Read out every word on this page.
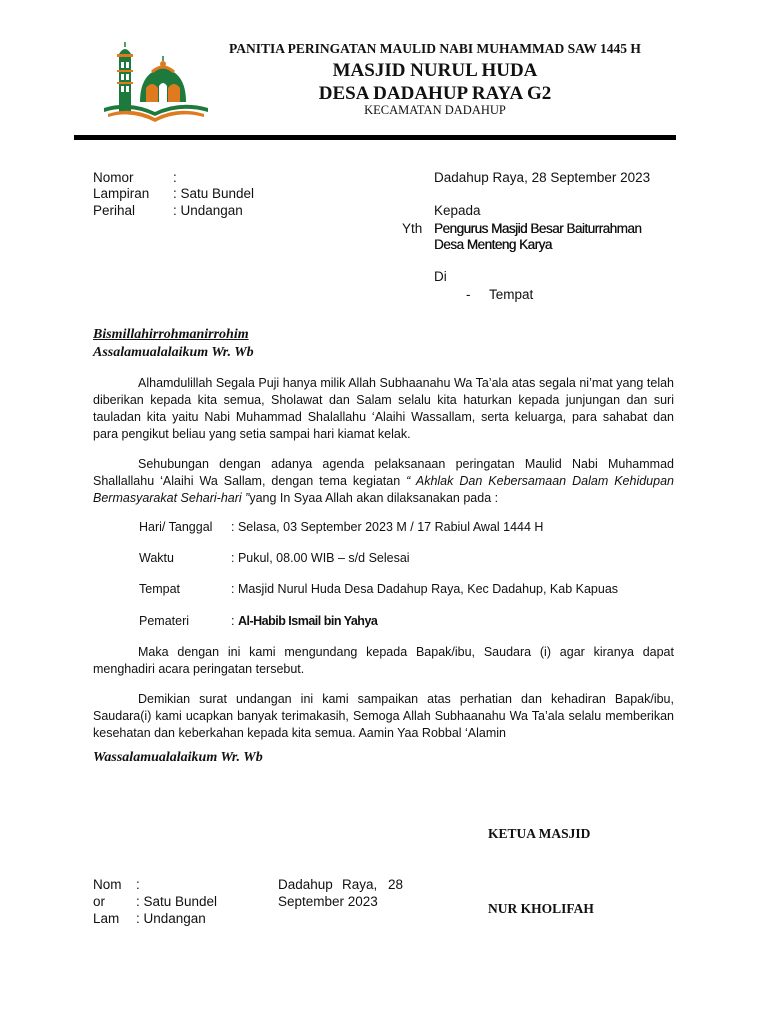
PANITIA PERINGATAN MAULID NABI MUHAMMAD SAW 1445 H
MASJID NURUL HUDA
DESA DADAHUP RAYA G2
KECAMATAN DADAHUP
Nomor	:
Lampiran : Satu Bundel
Perihal	: Undangan
Dadahup Raya, 28 September 2023
Kepada
Yth Pengurus Masjid Besar Baiturrahman
Desa Menteng Karya
Di
- Tempat
Bismillahirrohmanirrohim
Assalamualalaikum Wr. Wb
Alhamdulillah Segala Puji hanya milik Allah Subhaanahu Wa Ta’ala atas segala ni’mat yang telah diberikan kepada kita semua, Sholawat dan Salam selalu kita haturkan kepada junjungan dan suri tauladan kita yaitu Nabi Muhammad Shalallahu ‘Alaihi Wassallam, serta keluarga, para sahabat dan para pengikut beliau yang setia sampai hari kiamat kelak.
Sehubungan dengan adanya agenda pelaksanaan peringatan Maulid Nabi Muhammad Shallallahu ‘Alaihi Wa Sallam, dengan tema kegiatan “ Akhlak Dan Kebersamaan Dalam Kehidupan Bermasyarakat Sehari-hari ”yang In Syaa Allah akan dilaksanakan pada :
Hari/ Tanggal : Selasa, 03 September 2023 M / 17 Rabiul Awal 1444 H
Waktu	: Pukul, 08.00 WIB – s/d Selesai
Tempat	: Masjid Nurul Huda Desa Dadahup Raya, Kec Dadahup, Kab Kapuas
Pemateri	: Al-Habib Ismail bin Yahya
Maka dengan ini kami mengundang kepada Bapak/ibu, Saudara (i) agar kiranya dapat menghadiri acara peringatan tersebut.
Demikian surat undangan ini kami sampaikan atas perhatian dan kehadiran Bapak/ibu, Saudara(i) kami ucapkan banyak terimakasih, Semoga Allah Subhaanahu Wa Ta’ala selalu memberikan kesehatan dan keberkahan kepada kita semua. Aamin Yaa Robbal ‘Alamin
Wassalamualalaikum Wr. Wb
KETUA MASJID
NUR KHOLIFAH
Nom :
or : Satu Bundel
Lam : Undangan
Dadahup Raya, 28
September 2023
